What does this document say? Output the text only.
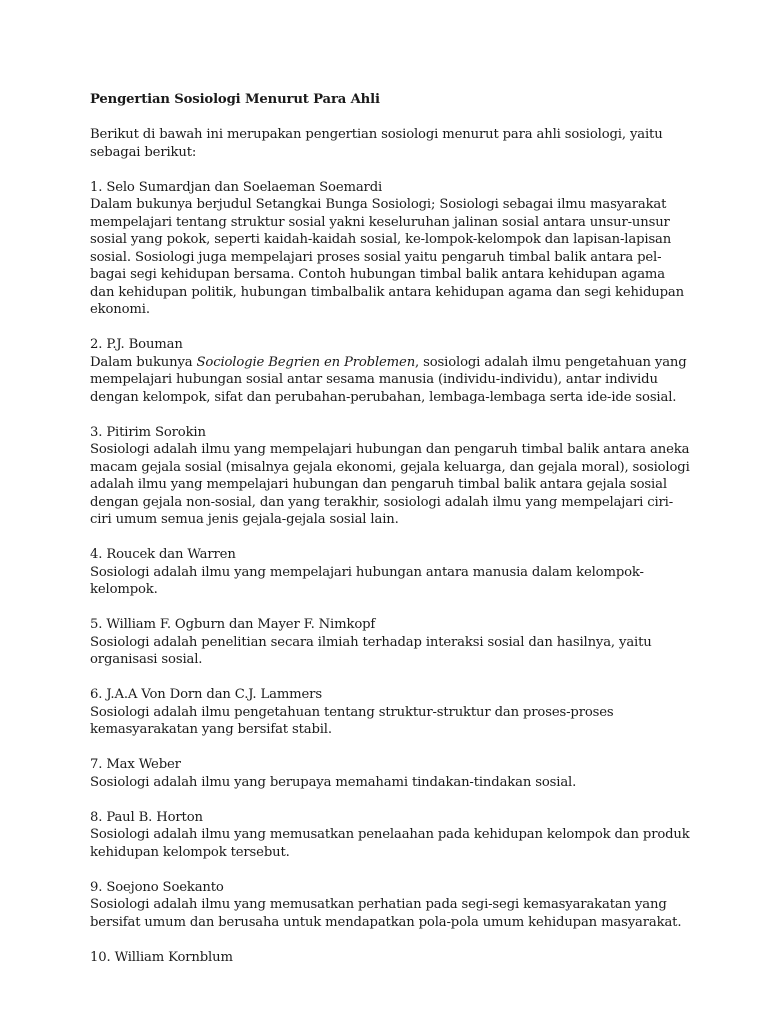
Pengertian Sosiologi Menurut Para Ahli
Berikut di bawah ini merupakan pengertian sosiologi menurut para ahli sosiologi, yaitu sebagai berikut:
1. Selo Sumardjan dan Soelaeman Soemardi
Dalam bukunya berjudul Setangkai Bunga Sosiologi; Sosiologi sebagai ilmu masyarakat mempelajari tentang struktur sosial yakni keseluruhan jalinan sosial antara unsur-unsur sosial yang pokok, seperti kaidah-kaidah sosial, ke-lompok-kelompok dan lapisan-lapisan sosial. Sosiologi juga mempelajari proses sosial yaitu pengaruh timbal balik antara pel-bagai segi kehidupan bersama. Contoh hubungan timbal balik antara kehidupan agama dan kehidupan politik, hubungan timbalbalik antara kehidupan agama dan segi kehidupan ekonomi.
2. P.J. Bouman
Dalam bukunya Sociologie Begrien en Problemen, sosiologi adalah ilmu pengetahuan yang mempelajari hubungan sosial antar sesama manusia (individu-individu), antar individu dengan kelompok, sifat dan perubahan-perubahan, lembaga-lembaga serta ide-ide sosial.
3. Pitirim Sorokin
Sosiologi adalah ilmu yang mempelajari hubungan dan pengaruh timbal balik antara aneka macam gejala sosial (misalnya gejala ekonomi, gejala keluarga, dan gejala moral), sosiologi adalah ilmu yang mempelajari hubungan dan pengaruh timbal balik antara gejala sosial dengan gejala non-sosial, dan yang terakhir, sosiologi adalah ilmu yang mempelajari ciri-ciri umum semua jenis gejala-gejala sosial lain.
4. Roucek dan Warren
Sosiologi adalah ilmu yang mempelajari hubungan antara manusia dalam kelompok-kelompok.
5. William F. Ogburn dan Mayer F. Nimkopf
Sosiologi adalah penelitian secara ilmiah terhadap interaksi sosial dan hasilnya, yaitu organisasi sosial.
6. J.A.A Von Dorn dan C.J. Lammers
Sosiologi adalah ilmu pengetahuan tentang struktur-struktur dan proses-proses kemasyarakatan yang bersifat stabil.
7. Max Weber
Sosiologi adalah ilmu yang berupaya memahami tindakan-tindakan sosial.
8. Paul B. Horton
Sosiologi adalah ilmu yang memusatkan penelaahan pada kehidupan kelompok dan produk kehidupan kelompok tersebut.
9. Soejono Soekanto
Sosiologi adalah ilmu yang memusatkan perhatian pada segi-segi kemasyarakatan yang bersifat umum dan berusaha untuk mendapatkan pola-pola umum kehidupan masyarakat.
10. William Kornblum
